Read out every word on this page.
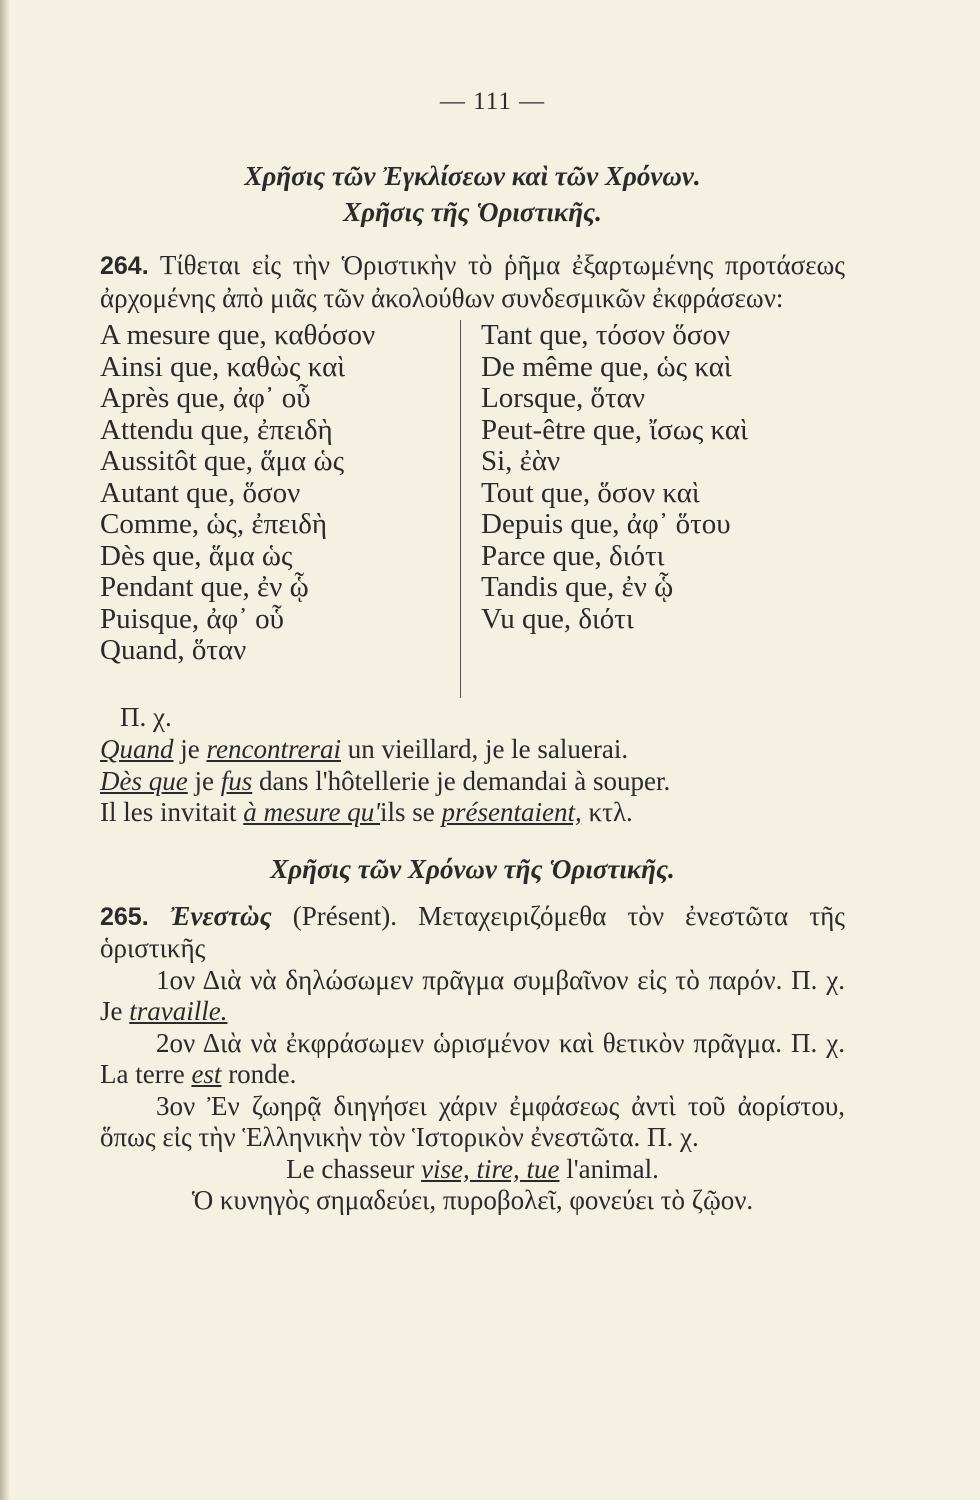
— 111 —
Χρῆσις τῶν Ἐγκλίσεων καὶ τῶν Χρόνων.
Χρῆσις τῆς Ὁριστικῆς.
264. Τίθεται εἰς τὴν Ὁριστικὴν τὸ ῥῆμα ἐξαρτωμένης προτάσεως ἀρχομένης ἀπὸ μιᾶς τῶν ἀκολούθων συνδεσμικῶν ἐκφράσεων:
A mesure que, καθόσον
Ainsi que, καθὼς καὶ
Après que, ἀφ᾽ οὗ
Attendu que, ἐπειδὴ
Aussitôt que, ἅμα ὡς
Autant que, ὅσον
Comme, ὡς, ἐπειδὴ
Dès que, ἅμα ὡς
Pendant que, ἐν ᾧ
Puisque, ἀφ᾽ οὗ
Quand, ὅταν
Tant que, τόσον ὅσον
De même que, ὡς καὶ
Lorsque, ὅταν
Peut-être que, ἴσως καὶ
Si, ἐὰν
Tout que, ὅσον καὶ
Depuis que, ἀφ᾽ ὅτου
Parce que, διότι
Tandis que, ἐν ᾧ
Vu que, διότι
Π. χ.
Quand je rencontrerai un vieillard, je le saluerai.
Dès que je fus dans l'hôtellerie je demandai à souper.
Il les invitait à mesure qu'ils se présentaient, κτλ.
Χρῆσις τῶν Χρόνων τῆς Ὁριστικῆς.
265. Ἐνεστὼς (Présent). Μεταχειριζόμεθα τὸν ἐνεστῶτα τῆς ὁριστικῆς
1ον Διὰ νὰ δηλώσωμεν πρᾶγμα συμβαῖνον εἰς τὸ παρόν. Π. χ. Je travaille.
2ον Διὰ νὰ ἐκφράσωμεν ὡρισμένον καὶ θετικὸν πρᾶγμα. Π. χ. La terre est ronde.
3ον Ἐν ζωηρᾷ διηγήσει χάριν ἐμφάσεως ἀντὶ τοῦ ἀορίστου, ὅπως εἰς τὴν Ἑλληνικὴν τὸν Ἱστορικὸν ἐνεστῶτα. Π. χ.
Le chasseur vise, tire, tue l'animal.
Ὁ κυνηγὸς σημαδεύει, πυροβολεῖ, φονεύει τὸ ζῷον.
